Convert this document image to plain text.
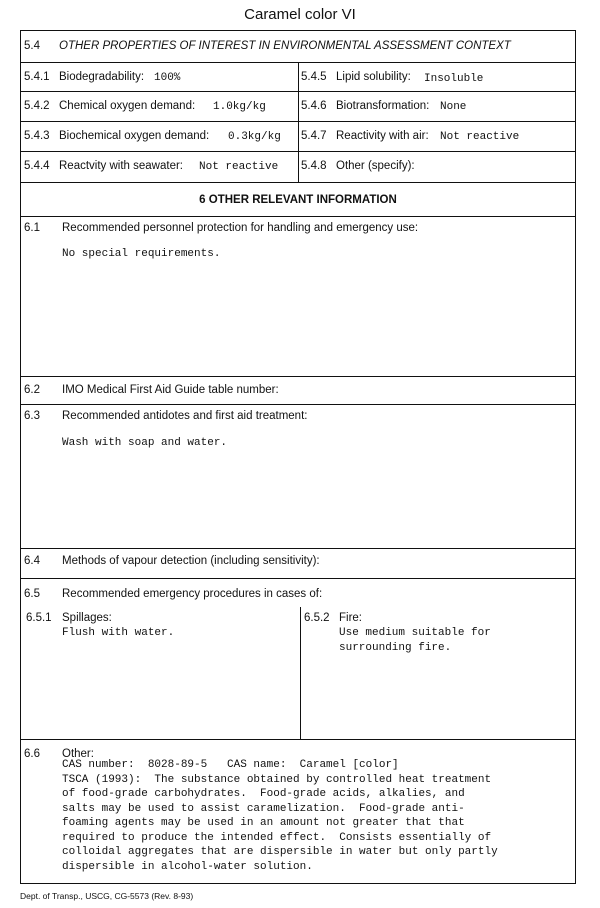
Caramel color VI
5.4 OTHER PROPERTIES OF INTEREST IN ENVIRONMENTAL ASSESSMENT CONTEXT
5.4.1 Biodegradability: 100%	5.4.5 Lipid solubility: Insoluble
5.4.2 Chemical oxygen demand: 1.0kg/kg	5.4.6 Biotransformation: None
5.4.3 Biochemical oxygen demand: 0.3kg/kg 5.4.7 Reactivity with air: Not reactive
5.4.4 Reactvity with seawater: Not reactive 5.4.8 Other (specify):
6 OTHER RELEVANT INFORMATION
6.1 Recommended personnel protection for handling and emergency use:
No special requirements.
6.2 IMO Medical First Aid Guide table number:
6.3 Recommended antidotes and first aid treatment:
Wash with soap and water.
6.4 Methods of vapour detection (including sensitivity):
6.5 Recommended emergency procedures in cases of:
6.5.1 Spillages:
Flush with water.
6.5.2 Fire:
Use medium suitable for
surrounding fire.
6.6 Other:
CAS number:  8028-89-5   CAS name:  Caramel [color]
TSCA (1993):  The substance obtained by controlled heat treatment
of food-grade carbohydrates.  Food-grade acids, alkalies, and
salts may be used to assist caramelization.  Food-grade anti-
foaming agents may be used in an amount not greater that that
required to produce the intended effect.  Consists essentially of
colloidal aggregates that are dispersible in water but only partly
dispersible in alcohol-water solution.
Dept. of Transp., USCG, CG-5573 (Rev. 8-93)
